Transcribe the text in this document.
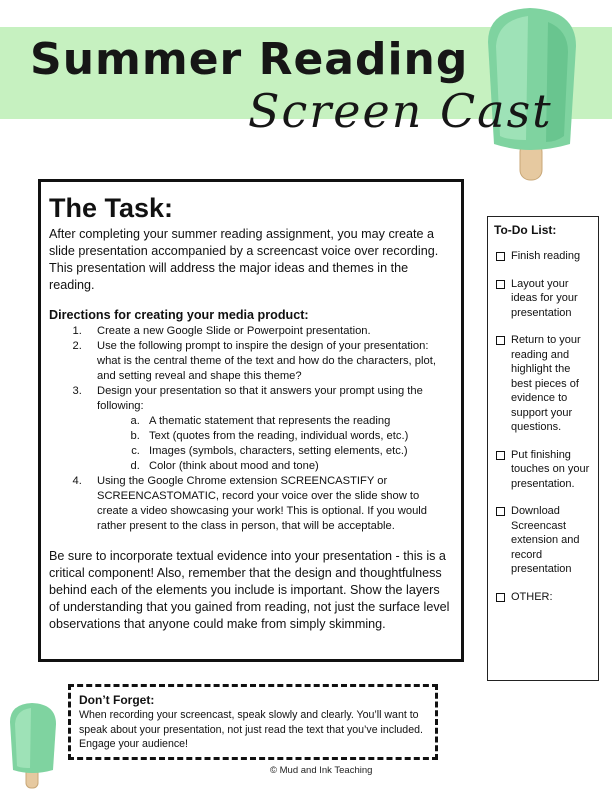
Summer Reading
Screen Cast
The Task:

After completing your summer reading assignment, you may create a slide presentation accompanied by a screencast voice over recording. This presentation will address the major ideas and themes in the reading.

Directions for creating your media product:

1. Create a new Google Slide or Powerpoint presentation.
2. Use the following prompt to inspire the design of your presentation: what is the central theme of the text and how do the characters, plot, and setting reveal and shape this theme?
3. Design your presentation so that it answers your prompt using the following:
a. A thematic statement that represents the reading
b. Text (quotes from the reading, individual words, etc.)
c. Images (symbols, characters, setting elements, etc.)
d. Color (think about mood and tone)
4. Using the Google Chrome extension SCREENCASTIFY or SCREENCASTOMATIC, record your voice over the slide show to create a video showcasing your work! This is optional. If you would rather present to the class in person, that will be acceptable.

Be sure to incorporate textual evidence into your presentation - this is a critical component! Also, remember that the design and thoughtfulness behind each of the elements you include is important. Show the layers of understanding that you gained from reading, not just the surface level observations that anyone could make from simply skimming.

To-Do List:
Finish reading
Layout your ideas for your presentation
Return to your reading and highlight the best pieces of evidence to support your questions.
Put finishing touches on your presentation.
Download Screencast extension and record presentation
OTHER:
Don’t Forget:

When recording your screencast, speak slowly and clearly. You’ll want to speak about your presentation, not just read the text that you’ve included. Engage your audience!

© Mud and Ink Teaching
